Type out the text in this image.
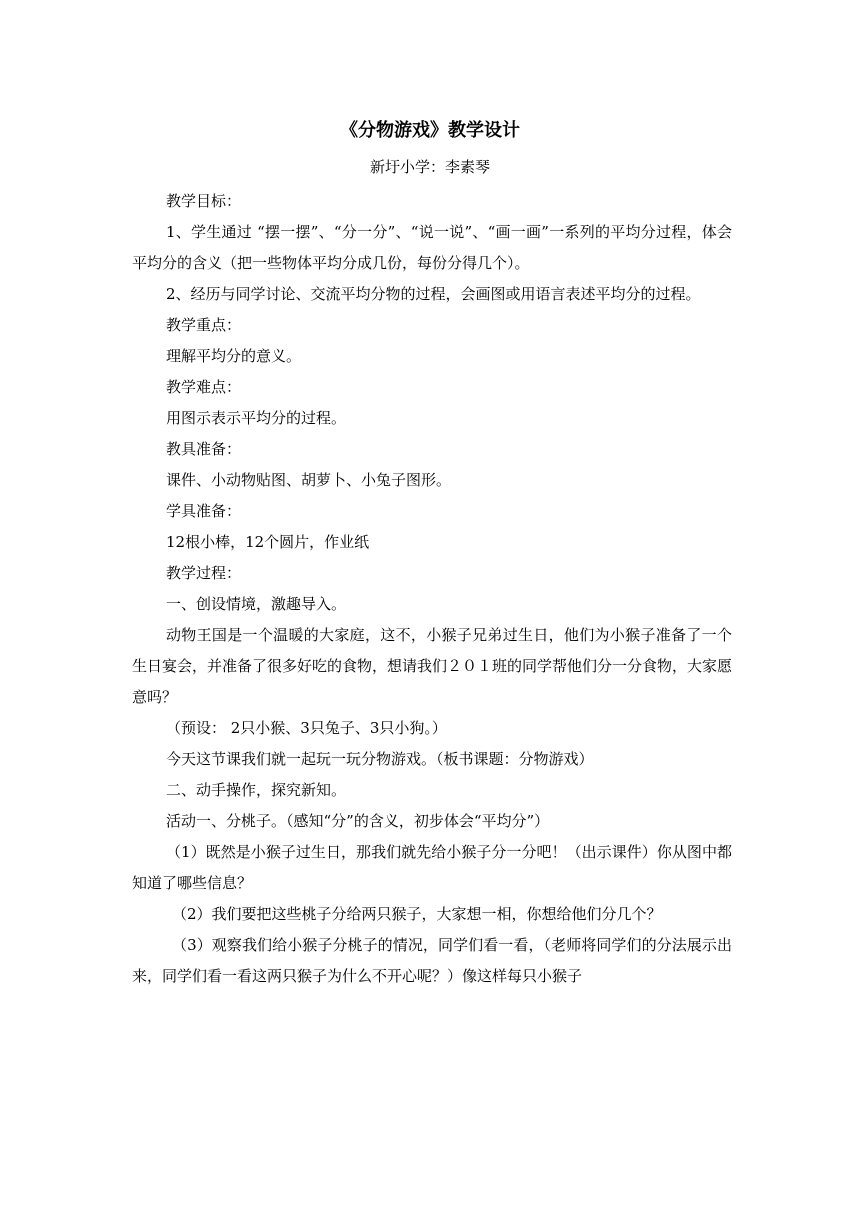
《分物游戏》教学设计
新圩小学：李素琴

教学目标：

1、学生通过 “摆一摆”、“分一分”、“说一说”、“画一画”一系列的平均分过程，体会平均分的含义（把一些物体平均分成几份，每份分得几个）。

2、经历与同学讨论、交流平均分物的过程，会画图或用语言表述平均分的过程。

教学重点：

理解平均分的意义。

教学难点：

用图示表示平均分的过程。

教具准备：

课件、小动物贴图、胡萝卜、小兔子图形。

学具准备：

12根小棒，12个圆片，作业纸

教学过程：

一、创设情境，激趣导入。

动物王国是一个温暖的大家庭，这不，小猴子兄弟过生日，他们为小猴子准备了一个生日宴会，并准备了很多好吃的食物，想请我们２０１班的同学帮他们分一分食物，大家愿意吗？

（预设： 2只小猴、3只兔子、3只小狗。）

今天这节课我们就一起玩一玩分物游戏。（板书课题：分物游戏）

二、动手操作，探究新知。

活动一、分桃子。（感知“分”的含义，初步体会“平均分”）

（1）既然是小猴子过生日，那我们就先给小猴子分一分吧！（出示课件）你从图中都知道了哪些信息？

（2）我们要把这些桃子分给两只猴子，大家想一相，你想给他们分几个？

（3）观察我们给小猴子分桃子的情况，同学们看一看，（老师将同学们的分法展示出来，同学们看一看这两只猴子为什么不开心呢？）像这样每只小猴子
